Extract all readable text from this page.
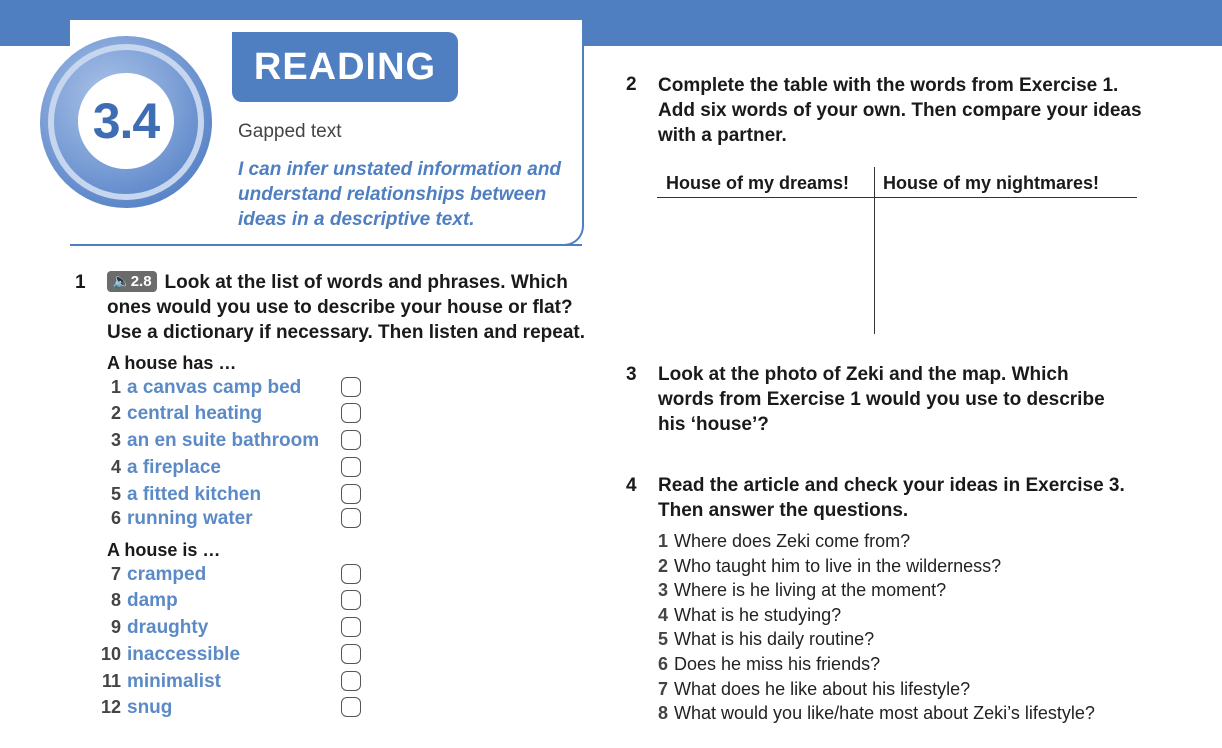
3.4
READING
Gapped text
I can infer unstated information and
understand relationships between
ideas in a descriptive text.
1	🔈2.8 Look at the list of words and phrases. Which
ones would you use to describe your house or flat?
Use a dictionary if necessary. Then listen and repeat.
A house has …
1 a canvas camp bed
2 central heating
3 an en suite bathroom
4 a fireplace
5 a fitted kitchen
6 running water
A house is …
7 cramped
8 damp
9 draughty
10 inaccessible
11 minimalist
12 snug
2 Complete the table with the words from Exercise 1.
Add six words of your own. Then compare your ideas
with a partner.
House of my dreams! House of my nightmares!
3 Look at the photo of Zeki and the map. Which
words from Exercise 1 would you use to describe
his ‘house’?
4 Read the article and check your ideas in Exercise 3.
Then answer the questions.
1 Where does Zeki come from?
2 Who taught him to live in the wilderness?
3 Where is he living at the moment?
4 What is he studying?
5 What is his daily routine?
6 Does he miss his friends?
7 What does he like about his lifestyle?
8 What would you like/hate most about Zeki’s lifestyle?
